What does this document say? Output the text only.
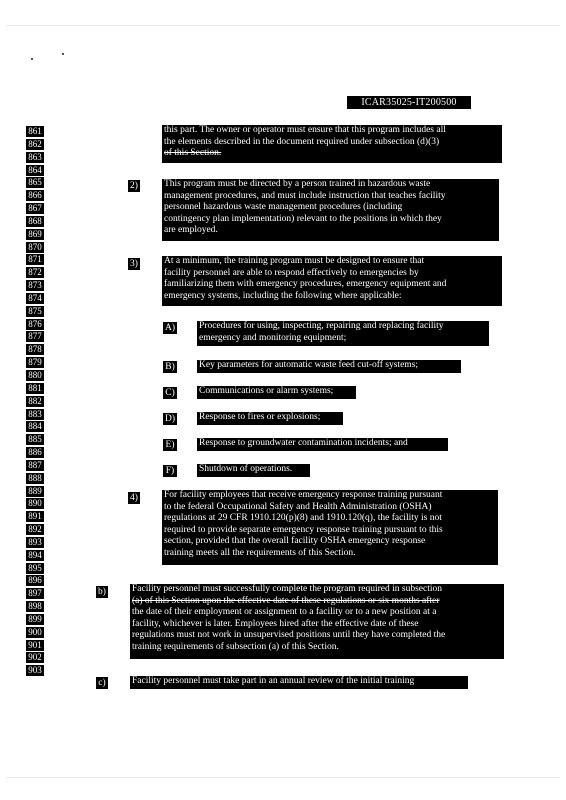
ICAR35025-IT200500
861
862
863
864
865
866
867
868
869
870
871
872
873
874
875
876
877
878
879
880
881
882
883
884
885
886
887
888
889
890
891
892
893
894
895
896
897
898
899
900
901
902
903
this part. The owner or operator must ensure that this program includes all
the elements described in the document required under subsection (d)(3)
of this Section.
2)	This program must be directed by a person trained in hazardous waste
management procedures, and must include instruction that teaches facility
personnel hazardous waste management procedures (including
contingency plan implementation) relevant to the positions in which they
are employed.
3)	At a minimum, the training program must be designed to ensure that
facility personnel are able to respond effectively to emergencies by
familiarizing them with emergency procedures, emergency equipment and
emergency systems, including the following where applicable:
A)	Procedures for using, inspecting, repairing and replacing facility
emergency and monitoring equipment;
B)	Key parameters for automatic waste feed cut-off systems;
C)	Communications or alarm systems;
D)	Response to fires or explosions;
E)	Response to groundwater contamination incidents; and
F)	Shutdown of operations.
4)	For facility employees that receive emergency response training pursuant
to the federal Occupational Safety and Health Administration (OSHA)
regulations at 29 CFR 1910.120(p)(8) and 1910.120(q), the facility is not
required to provide separate emergency response training pursuant to this
section, provided that the overall facility OSHA emergency response
training meets all the requirements of this Section.
b)	Facility personnel must successfully complete the program required in subsection
(a) of this Section upon the effective date of these regulations or six months after
the date of their employment or assignment to a facility or to a new position at a
facility, whichever is later. Employees hired after the effective date of these
regulations must not work in unsupervised positions until they have completed the
training requirements of subsection (a) of this Section.
c)	Facility personnel must take part in an annual review of the initial training
